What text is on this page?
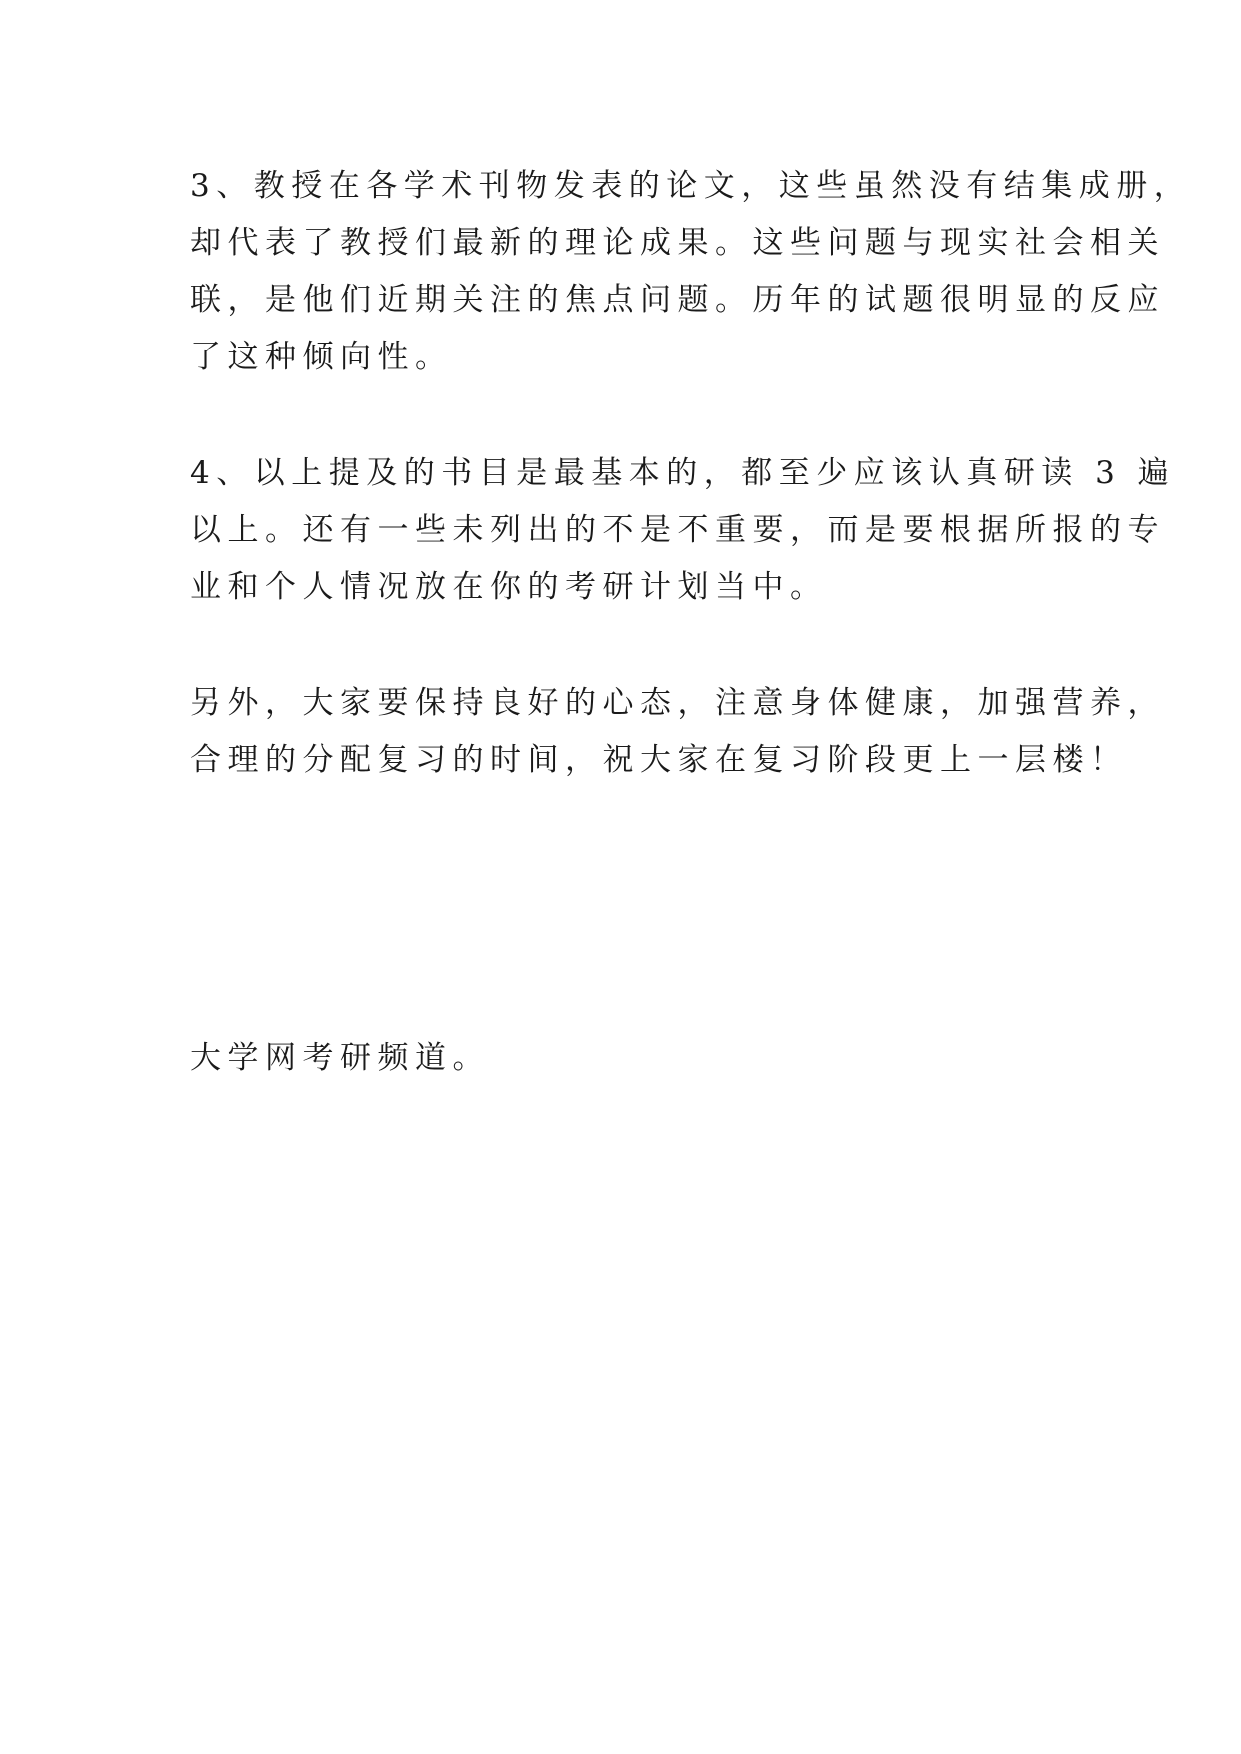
3、教授在各学术刊物发表的论文，这些虽然没有结集成册，
却代表了教授们最新的理论成果。这些问题与现实社会相关
联，是他们近期关注的焦点问题。历年的试题很明显的反应
了这种倾向性。
4、以上提及的书目是最基本的，都至少应该认真研读 3 遍
以上。还有一些未列出的不是不重要，而是要根据所报的专
业和个人情况放在你的考研计划当中。
另外，大家要保持良好的心态，注意身体健康，加强营养，
合理的分配复习的时间，祝大家在复习阶段更上一层楼！
大学网考研频道。
